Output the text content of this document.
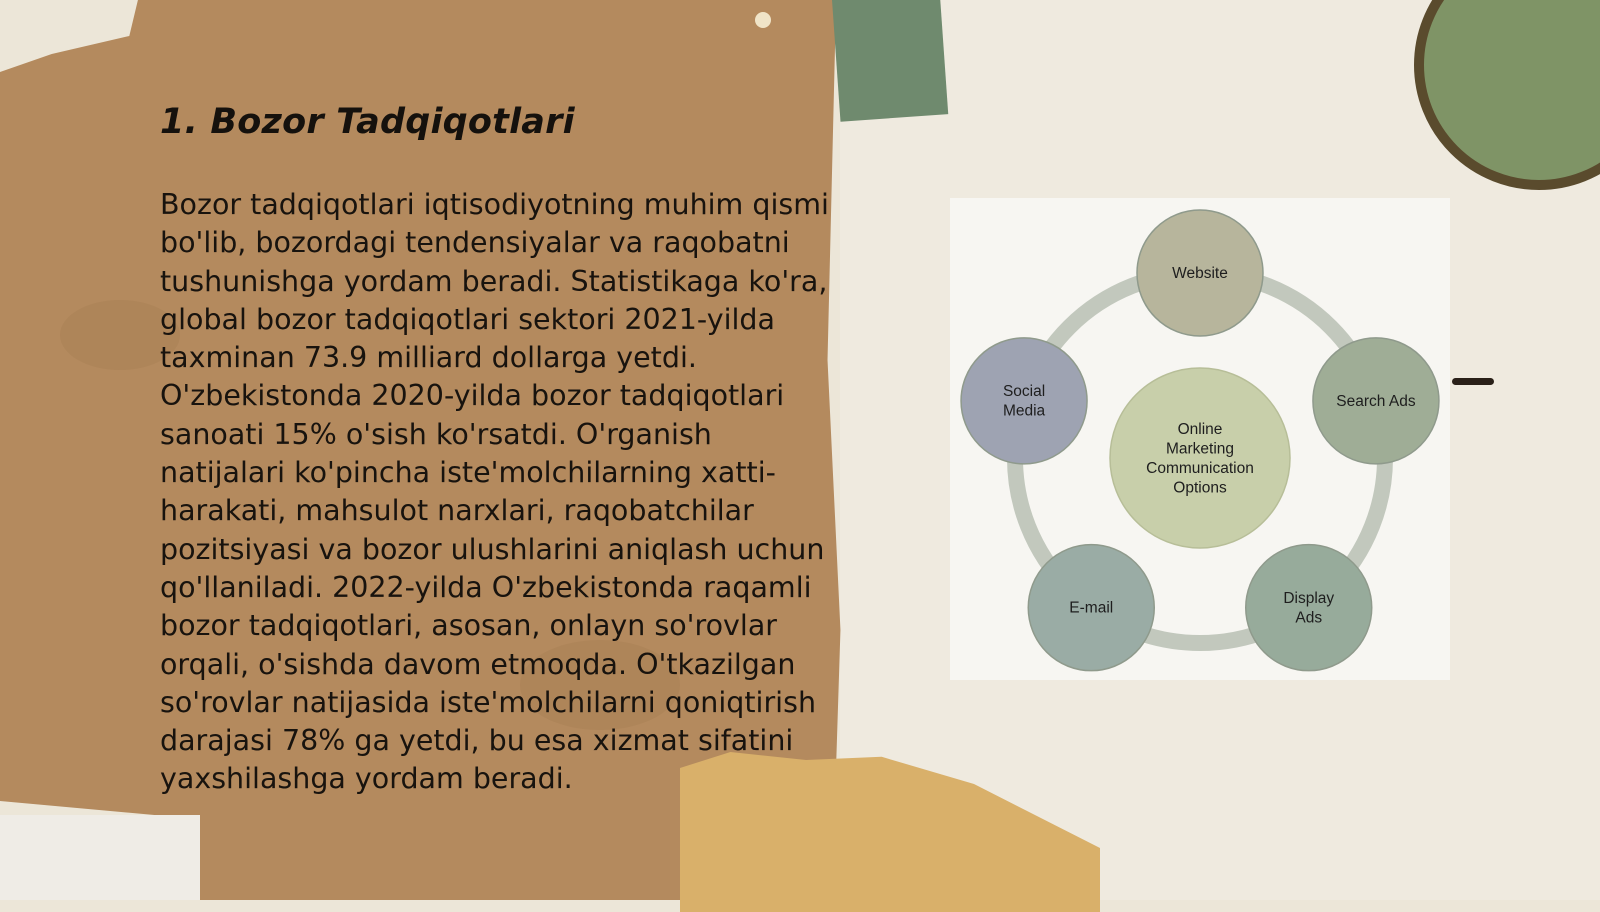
1. Bozor Tadqiqotlari

Bozor tadqiqotlari iqtisodiyotning muhim qismi bo'lib, bozordagi tendensiyalar va raqobatni tushunishga yordam beradi. Statistikaga ko'ra, global bozor tadqiqotlari sektori 2021-yilda taxminan 73.9 milliard dollarga yetdi. O'zbekistonda 2020-yilda bozor tadqiqotlari sanoati 15% o'sish ko'rsatdi. O'rganish natijalari ko'pincha iste'molchilarning xatti-harakati, mahsulot narxlari, raqobatchilar pozitsiyasi va bozor ulushlarini aniqlash uchun qo'llaniladi. 2022-yilda O'zbekistonda raqamli bozor tadqiqotlari, asosan, onlayn so'rovlar orqali, o'sishda davom etmoqda. O'tkazilgan so'rovlar natijasida iste'molchilarni qoniqtirish darajasi 78% ga yetdi, bu esa xizmat sifatini yaxshilashga yordam beradi.

Online
Marketing
Communication
Options
Website
Search Ads
Display
Ads
E-mail
Social
Media
